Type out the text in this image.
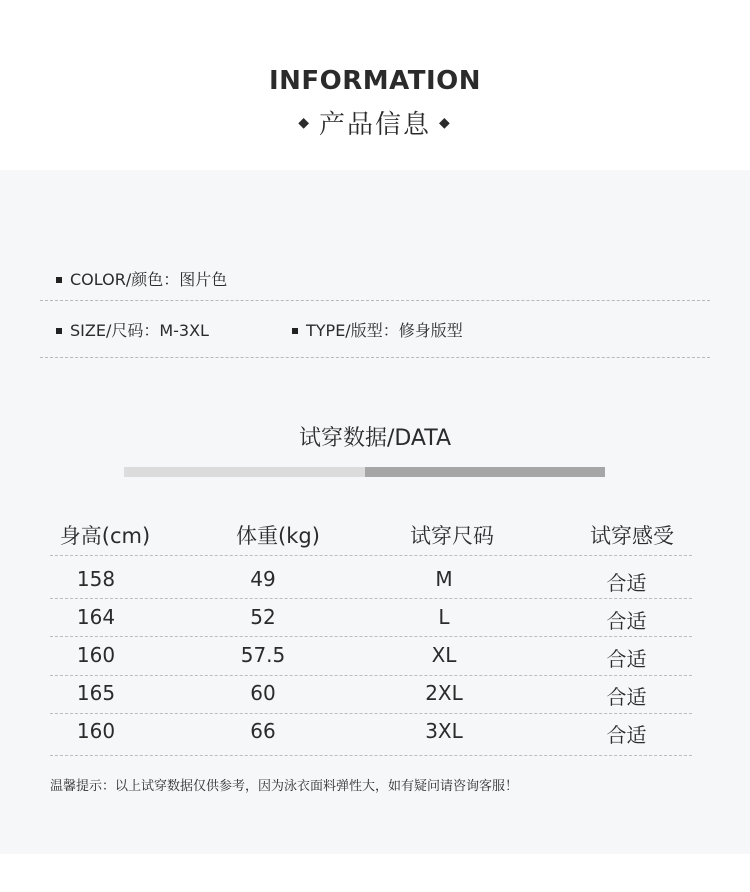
INFORMATION
◆ 产品信息 ◆
COLOR/颜色：图片色
SIZE/尺码：M-3XL	TYPE/版型：修身版型
试穿数据/DATA
身高(cm)	体重(kg)	试穿尺码	试穿感受
158	49	M	合适
164	52	L	合适
160	57.5	XL	合适
165	60	2XL	合适
160	66	3XL	合适
温馨提示：以上试穿数据仅供参考，因为泳衣面料弹性大，如有疑问请咨询客服！
